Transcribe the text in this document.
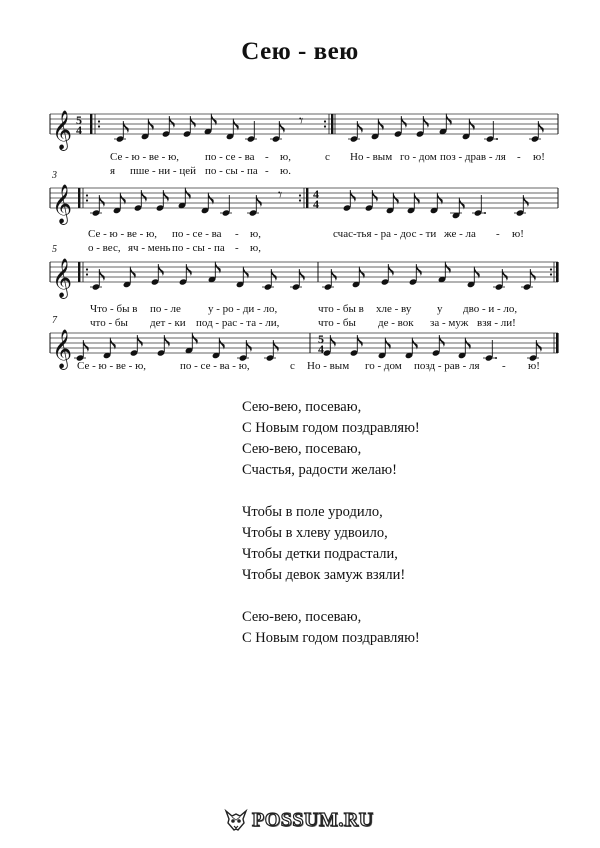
Сею - вею
𝄞 5
4	𝄾
Се - ю - ве - ю, по - се - ва - ю,	с Но - вым го - дом поз - драв - ля - ю!
я пше - ни - цей по - сы - па - ю.
𝄞
3
4
4
𝄾
Се - ю - ве - ю, по - се - ва - ю,	счас-тья - ра - дос - ти же - ла - ю!
о - вес, яч - мень по - сы - па - ю,
𝄞
5
Что - бы в по - ле у - ро - ди - ло,	что - бы в хле - ву у дво - и - ло,
что - бы дет - ки под - рас - та - ли,	что - бы де - вок за - муж взя - ли!
𝄞
7
5
4
Се - ю - ве - ю,	по - се - ва - ю,	с Но - вым го - дом позд - рав - ля - ю!
Сею-вею, посеваю,
С Новым годом поздравляю!
Сею-вею, посеваю,
Счастья, радости желаю!
Чтобы в поле уродило,
Чтобы в хлеву удвоило,
Чтобы детки подрастали,
Чтобы девок замуж взяли!
Сею-вею, посеваю,
С Новым годом поздравляю!
POSSUM.RU
